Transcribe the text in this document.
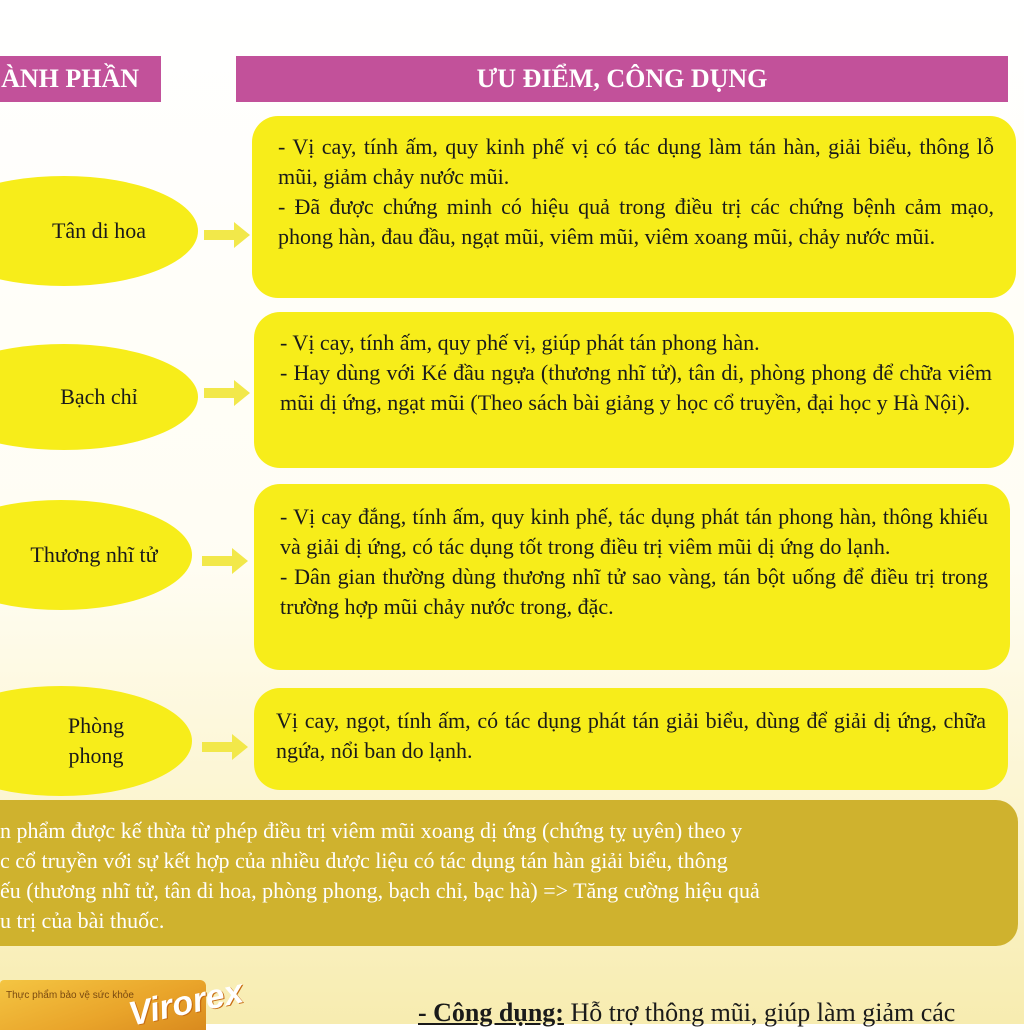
ÀNH PHẦN	ƯU ĐIỂM, CÔNG DỤNG
Tân di hoa

- Vị cay, tính ấm, quy kinh phế vị có tác dụng làm tán hàn, giải biểu, thông lỗ mũi, giảm chảy nước mũi.

- Đã được chứng minh có hiệu quả trong điều trị các chứng bệnh cảm mạo, phong hàn, đau đầu, ngạt mũi, viêm mũi, viêm xoang mũi, chảy nước mũi.

Bạch chỉ

- Vị cay, tính ấm, quy phế vị, giúp phát tán phong hàn.

- Hay dùng với Ké đầu ngựa (thương nhĩ tử), tân di, phòng phong để chữa viêm mũi dị ứng, ngạt mũi (Theo sách bài giảng y học cổ truyền, đại học y Hà Nội).

Thương nhĩ tử

- Vị cay đắng, tính ấm, quy kinh phế, tác dụng phát tán phong hàn, thông khiếu và giải dị ứng, có tác dụng tốt trong điều trị viêm mũi dị ứng do lạnh.

- Dân gian thường dùng thương nhĩ tử sao vàng, tán bột uống để điều trị trong trường hợp mũi chảy nước trong, đặc.

Phòng phong

Vị cay, ngọt, tính ấm, có tác dụng phát tán giải biểu, dùng để giải dị ứng, chữa ngứa, nổi ban do lạnh.

n phẩm được kế thừa từ phép điều trị viêm mũi xoang dị ứng (chứng tỵ uyên) theo y

c cổ truyền với sự kết hợp của nhiều dược liệu có tác dụng tán hàn giải biểu, thông

ếu (thương nhĩ tử, tân di hoa, phòng phong, bạch chỉ, bạc hà) => Tăng cường hiệu quả

u trị của bài thuốc.

Thực phẩm bảo vệ sức khỏe
Virorex	- Công dụng: Hỗ trợ thông mũi, giúp làm giảm các
